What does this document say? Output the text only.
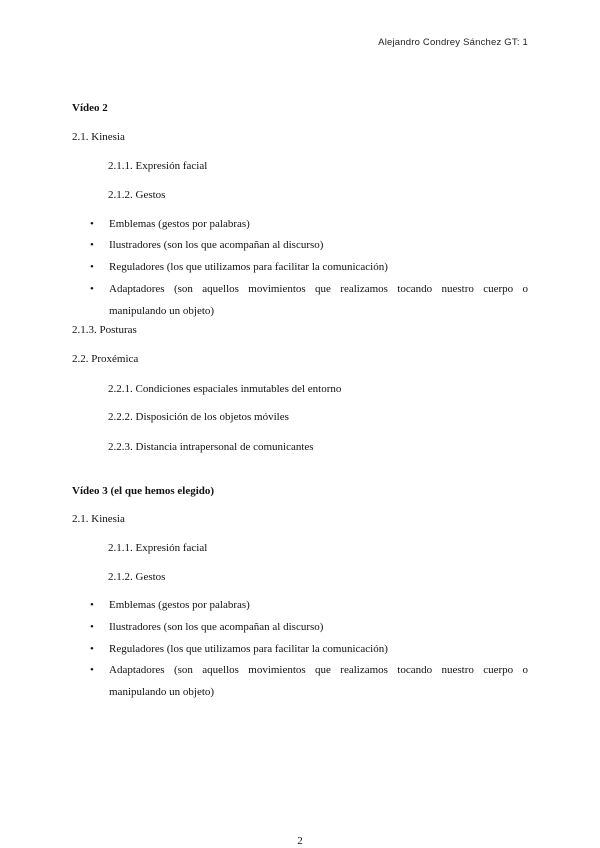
Alejandro Condrey Sánchez GT: 1
Vídeo 2
2.1. Kinesia
2.1.1. Expresión facial
2.1.2. Gestos
•	Emblemas (gestos por palabras)
•	Ilustradores (son los que acompañan al discurso)
•	Reguladores (los que utilizamos para facilitar la comunicación)
•	Adaptadores (son aquellos movimientos que realizamos tocando nuestro cuerpo o
manipulando un objeto)
2.1.3. Posturas
2.2. Proxémica
2.2.1. Condiciones espaciales inmutables del entorno
2.2.2. Disposición de los objetos móviles
2.2.3. Distancia intrapersonal de comunicantes
Vídeo 3 (el que hemos elegido)
2.1. Kinesia
2.1.1. Expresión facial
2.1.2. Gestos
•	Emblemas (gestos por palabras)
•	Ilustradores (son los que acompañan al discurso)
•	Reguladores (los que utilizamos para facilitar la comunicación)
•	Adaptadores (son aquellos movimientos que realizamos tocando nuestro cuerpo o
manipulando un objeto)
2
